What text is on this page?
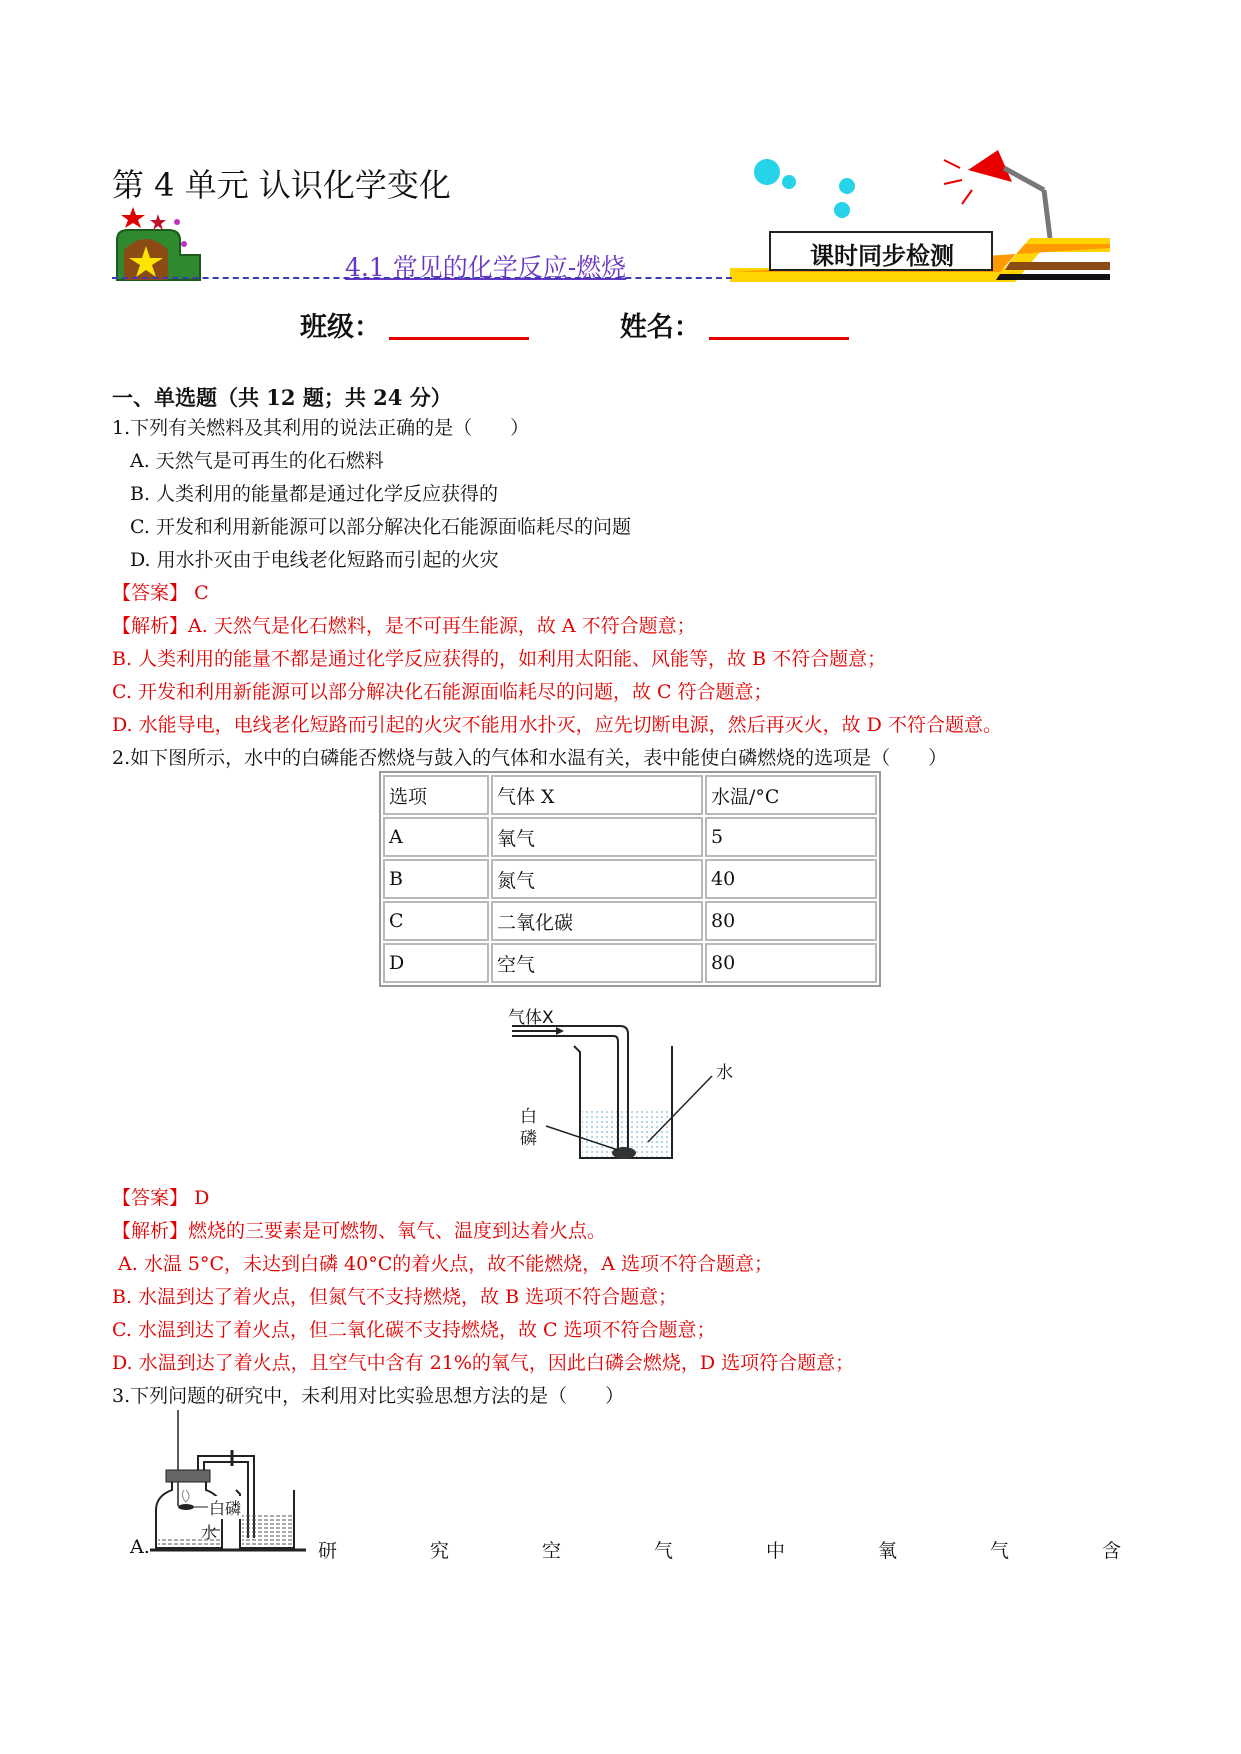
课时同步检测
第 4 单元 认识化学变化
4.1 常见的化学反应-燃烧
班级：	姓名：
一、单选题（共 12 题；共 24 分）
1.下列有关燃料及其利用的说法正确的是（　　）
A. 天然气是可再生的化石燃料
B. 人类利用的能量都是通过化学反应获得的
C. 开发和利用新能源可以部分解决化石能源面临耗尽的问题
D. 用水扑灭由于电线老化短路而引起的火灾
【答案】 C
【解析】A. 天然气是化石燃料，是不可再生能源，故 A 不符合题意；
B. 人类利用的能量不都是通过化学反应获得的，如利用太阳能、风能等，故 B 不符合题意；
C. 开发和利用新能源可以部分解决化石能源面临耗尽的问题，故 C 符合题意；
D. 水能导电，电线老化短路而引起的火灾不能用水扑灭，应先切断电源，然后再灭火，故 D 不符合题意。
2.如下图所示，水中的白磷能否燃烧与鼓入的气体和水温有关，表中能使白磷燃烧的选项是（　　）
选项	气体 X	水温/°C
A	氧气	5
B	氮气	40
C	二氧化碳	80
D	空气	80
气体X
水
白
磷
【答案】 D
【解析】燃烧的三要素是可燃物、氧气、温度到达着火点。
A. 水温 5°C，未达到白磷 40°C的着火点，故不能燃烧，A 选项不符合题意；
B. 水温到达了着火点，但氮气不支持燃烧，故 B 选项不符合题意；
C. 水温到达了着火点，但二氧化碳不支持燃烧，故 C 选项不符合题意；
D. 水温到达了着火点，且空气中含有 21%的氧气，因此白磷会燃烧，D 选项符合题意；
3.下列问题的研究中，未利用对比实验思想方法的是（　　）
白磷
水
A.	研	究	空	气	中	氧	气	含
